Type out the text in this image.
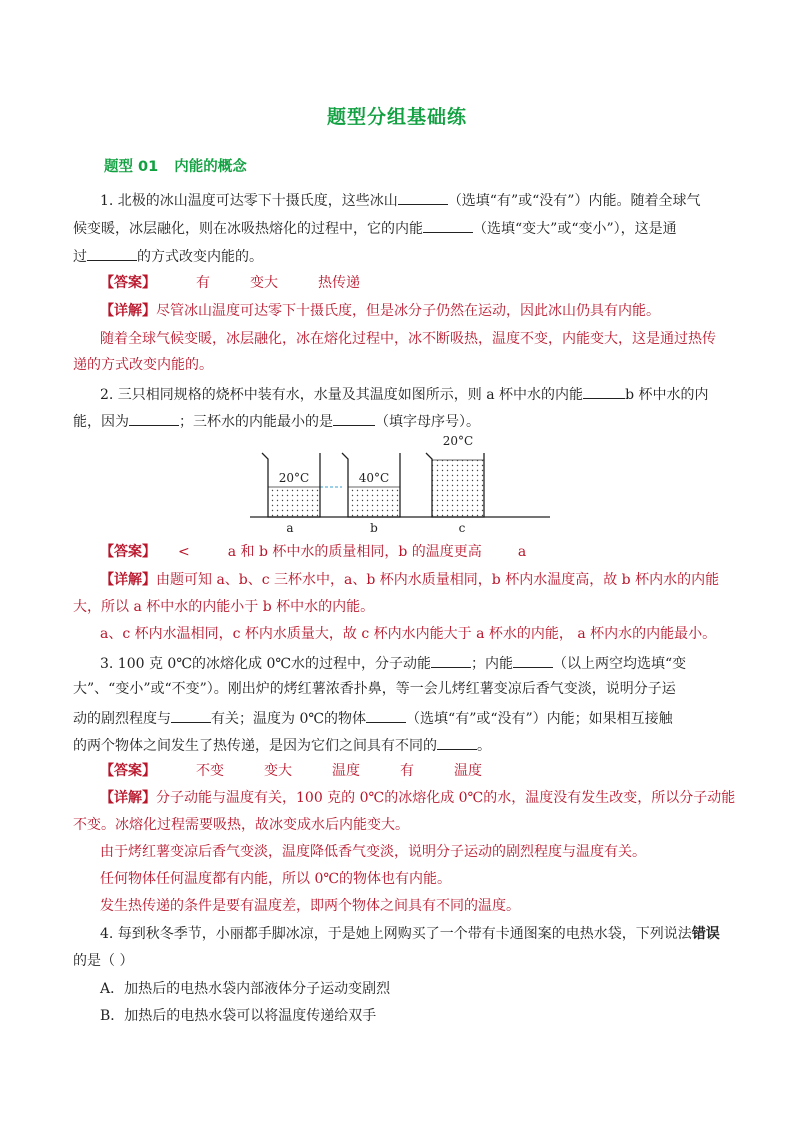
题型分组基础练
题型 01 内能的概念
1. 北极的冰山温度可达零下十摄氏度，这些冰山	（选填“有”或“没有”）内能。随着全球气
候变暖，冰层融化，则在冰吸热熔化的过程中，它的内能	（选填“变大”或“变小”），这是通
过	的方式改变内能的。
【答案】	有	变大	热传递
【详解】尽管冰山温度可达零下十摄氏度，但是冰分子仍然在运动，因此冰山仍具有内能。
随着全球气候变暖，冰层融化，冰在熔化过程中，冰不断吸热，温度不变，内能变大，这是通过热传
递的方式改变内能的。
2. 三只相同规格的烧杯中装有水，水量及其温度如图所示，则 a 杯中水的内能	b 杯中水的内
能，因为	；三杯水的内能最小的是	（填字母序号）。
20°C
a
40°C
b
20°C
c
【答案】 <	a 和 b 杯中水的质量相同，b 的温度更高	a
【详解】由题可知 a、b、c 三杯水中，a、b 杯内水质量相同，b 杯内水温度高，故 b 杯内水的内能
大，所以 a 杯中水的内能小于 b 杯中水的内能。
a、c 杯内水温相同，c 杯内水质量大，故 c 杯内水内能大于 a 杯水的内能， a 杯内水的内能最小。
3. 100 克 0℃的冰熔化成 0℃水的过程中，分子动能	；内能	（以上两空均选填“变
大”、“变小”或“不变”）。刚出炉的烤红薯浓香扑鼻，等一会儿烤红薯变凉后香气变淡，说明分子运
动的剧烈程度与	有关；温度为 0℃的物体	（选填“有”或“没有”）内能；如果相互接触
的两个物体之间发生了热传递，是因为它们之间具有不同的	。
【答案】	不变	变大	温度	有	温度
【详解】分子动能与温度有关，100 克的 0℃的冰熔化成 0℃的水，温度没有发生改变，所以分子动能
不变。冰熔化过程需要吸热，故冰变成水后内能变大。
由于烤红薯变凉后香气变淡，温度降低香气变淡，说明分子运动的剧烈程度与温度有关。
任何物体任何温度都有内能，所以 0℃的物体也有内能。
发生热传递的条件是要有温度差，即两个物体之间具有不同的温度。
4. 每到秋冬季节，小丽都手脚冰凉，于是她上网购买了一个带有卡通图案的电热水袋，下列说法错误
的是（ ）
A．加热后的电热水袋内部液体分子运动变剧烈
B．加热后的电热水袋可以将温度传递给双手
